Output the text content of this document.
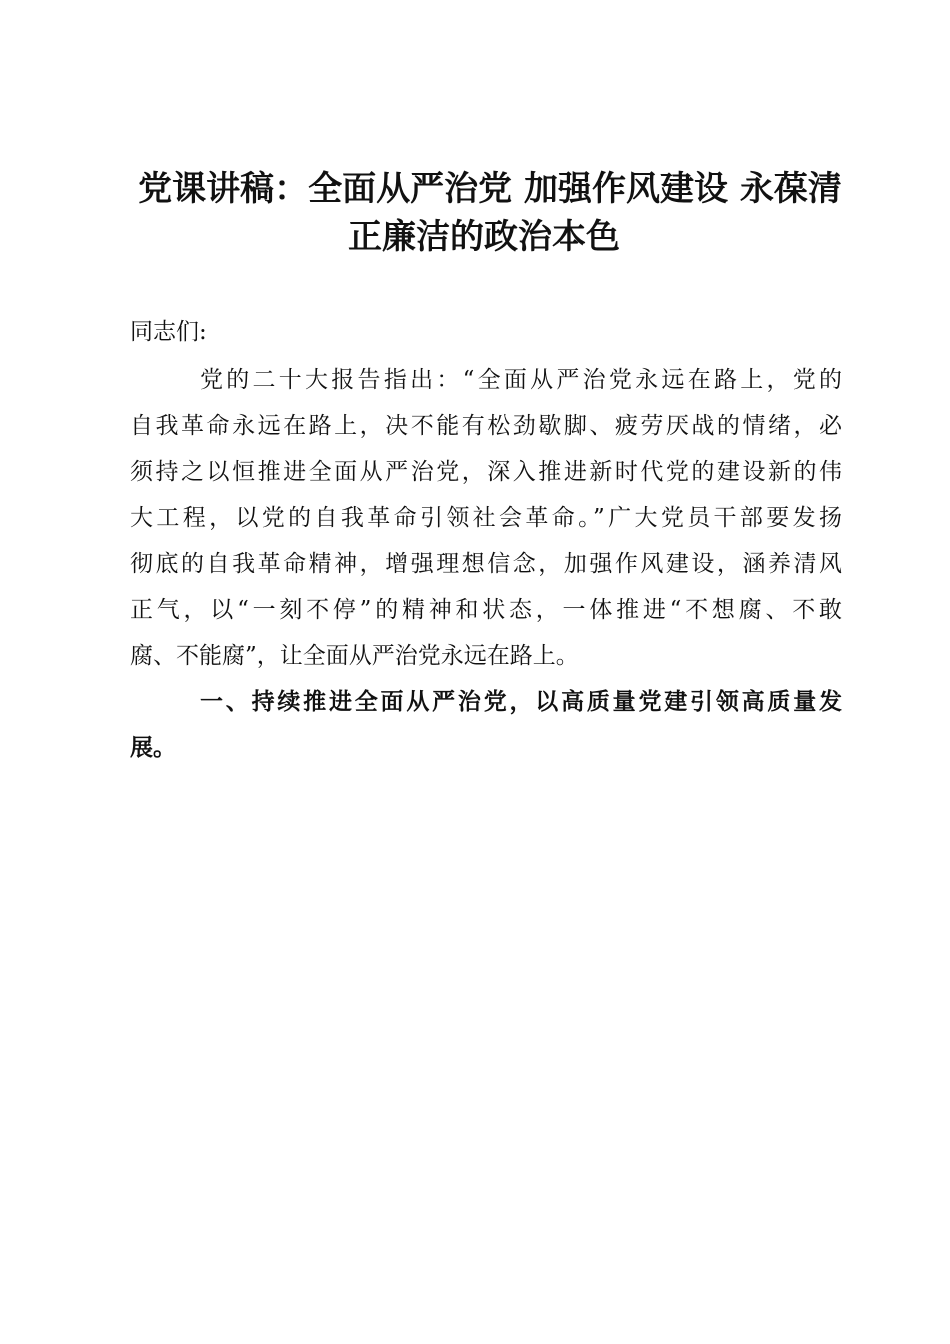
党课讲稿：全面从严治党 加强作风建设 永葆清
正廉洁的政治本色

同志们:

党的二十大报告指出：“全面从严治党永远在路上，党的
自我革命永远在路上，决不能有松劲歇脚、疲劳厌战的情绪，必
须持之以恒推进全面从严治党，深入推进新时代党的建设新的伟
大工程，以党的自我革命引领社会革命。”广大党员干部要发扬
彻底的自我革命精神，增强理想信念，加强作风建设，涵养清风
正气，以“一刻不停”的精神和状态，一体推进“不想腐、不敢
腐、不能腐”，让全面从严治党永远在路上。
一、持续推进全面从严治党，以高质量党建引领高质量发
展。
